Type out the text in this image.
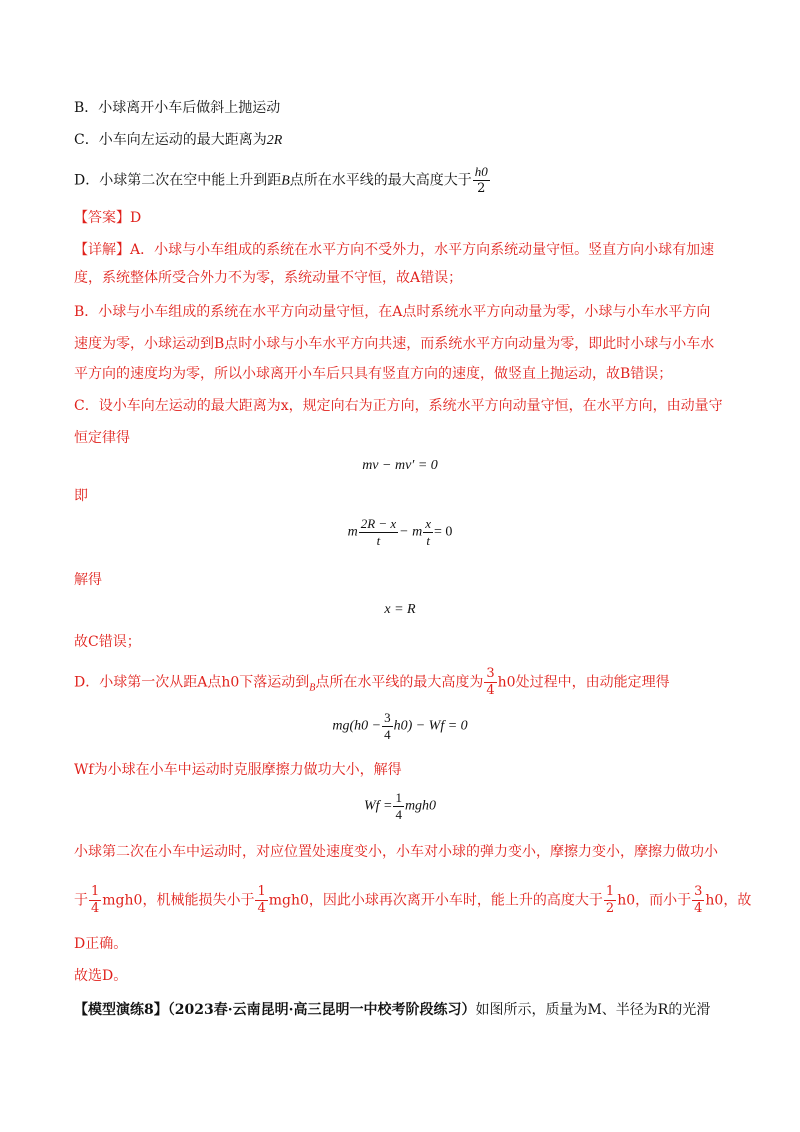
B．小球离开小车后做斜上抛运动
C．小车向左运动的最大距离为2R
D．小球第二次在空中能上升到距B点所在水平线的最大高度大于 $\frac{h0}{2}$
【答案】D
【详解】A．小球与小车组成的系统在水平方向不受外力，水平方向系统动量守恒。竖直方向小球有加速
度，系统整体所受合外力不为零，系统动量不守恒，故A错误；
B．小球与小车组成的系统在水平方向动量守恒，在A点时系统水平方向动量为零，小球与小车水平方向
速度为零，小球运动到B点时小球与小车水平方向共速，而系统水平方向动量为零，即此时小球与小车水
平方向的速度均为零，所以小球离开小车后只具有竖直方向的速度，做竖直上抛运动，故B错误；
C．设小车向左运动的最大距离为x，规定向右为正方向，系统水平方向动量守恒，在水平方向，由动量守
恒定律得
mv − mv′ = 0
即
m $\frac{2R - x}{t} - m \frac{x}{t} = 0$
解得
x = R
故C错误；
D．小球第一次从距A点h0下落运动到$_B$点所在水平线的最大高度为 $\frac{3}{4} h0$处过程中，由动能定理得
$mg(h0 - \frac{3}{4} h0) - Wf = 0$
Wf为小球在小车中运动时克服摩擦力做功大小，解得
$Wf = \frac{1}{4} mgh0$
小球第二次在小车中运动时，对应位置处速度变小，小车对小球的弹力变小，摩擦力变小，摩擦力做功小
于 $\frac{1}{4} mgh0$，机械能损失小于 $\frac{1}{4} mgh0$，因此小球再次离开小车时，能上升的高度大于 $\frac{1}{2} h0$，而小于 $\frac{3}{4} h0$，故
D正确。
故选D。
【模型演练8】（2023春·云南昆明·高三昆明一中校考阶段练习）如图所示，质量为M、半径为R的光滑
